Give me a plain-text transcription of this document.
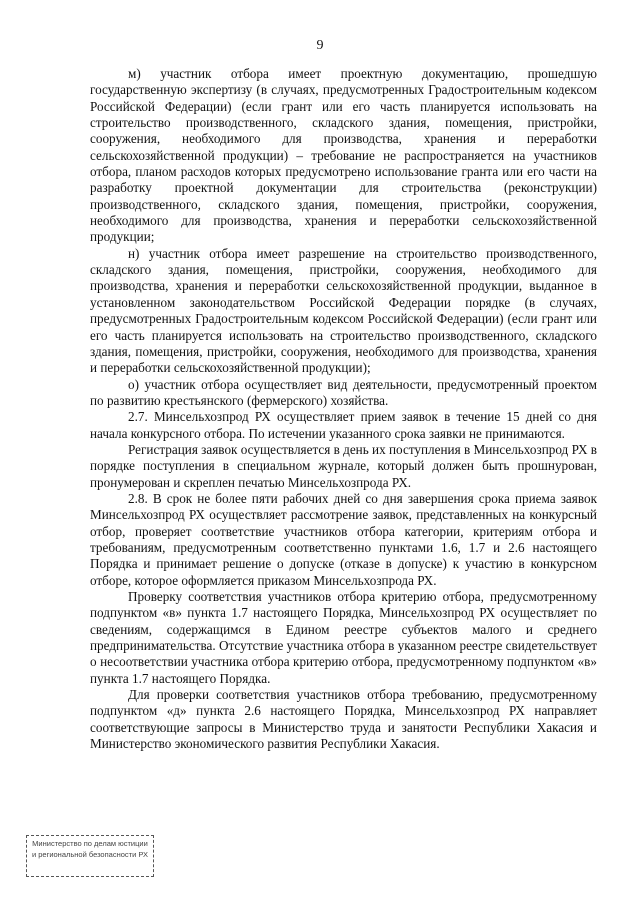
9

м) участник отбора имеет проектную документацию, прошедшую государственную экспертизу (в случаях, предусмотренных Градостроительным кодексом Российской Федерации) (если грант или его часть планируется использовать на строительство производственного, складского здания, помещения, пристройки, сооружения, необходимого для производства, хранения и переработки сельскохозяйственной продукции) – требование не распространяется на участников отбора, планом расходов которых предусмотрено использование гранта или его части на разработку проектной документации для строительства (реконструкции) производственного, складского здания, помещения, пристройки, сооружения, необходимого для производства, хранения и переработки сельскохозяйственной продукции;

н) участник отбора имеет разрешение на строительство производственного, складского здания, помещения, пристройки, сооружения, необходимого для производства, хранения и переработки сельскохозяйственной продукции, выданное в установленном законодательством Российской Федерации порядке (в случаях, предусмотренных Градостроительным кодексом Российской Федерации) (если грант или его часть планируется использовать на строительство производственного, складского здания, помещения, пристройки, сооружения, необходимого для производства, хранения и переработки сельскохозяйственной продукции);

о) участник отбора осуществляет вид деятельности, предусмотренный проектом по развитию крестьянского (фермерского) хозяйства.

2.7. Минсельхозпрод РХ осуществляет прием заявок в течение 15 дней со дня начала конкурсного отбора. По истечении указанного срока заявки не принимаются.

Регистрация заявок осуществляется в день их поступления в Минсельхозпрод РХ в порядке поступления в специальном журнале, который должен быть прошнурован, пронумерован и скреплен печатью Минсельхозпрода РХ.

2.8. В срок не более пяти рабочих дней со дня завершения срока приема заявок Минсельхозпрод РХ осуществляет рассмотрение заявок, представленных на конкурсный отбор, проверяет соответствие участников отбора категории, критериям отбора и требованиям, предусмотренным соответственно пунктами 1.6, 1.7 и 2.6 настоящего Порядка и принимает решение о допуске (отказе в допуске) к участию в конкурсном отборе, которое оформляется приказом Минсельхозпрода РХ.

Проверку соответствия участников отбора критерию отбора, предусмотренному подпунктом «в» пункта 1.7 настоящего Порядка, Минсельхозпрод РХ осуществляет по сведениям, содержащимся в Едином реестре субъектов малого и среднего предпринимательства. Отсутствие участника отбора в указанном реестре свидетельствует о несоответствии участника отбора критерию отбора, предусмотренному подпунктом «в» пункта 1.7 настоящего Порядка.

Для проверки соответствия участников отбора требованию, предусмотренному подпунктом «д» пункта 2.6 настоящего Порядка, Минсельхозпрод РХ направляет соответствующие запросы в Министерство труда и занятости Республики Хакасия и Министерство экономического развития Республики Хакасия.

Министерство по делам юстиции и региональной безопасности РХ
